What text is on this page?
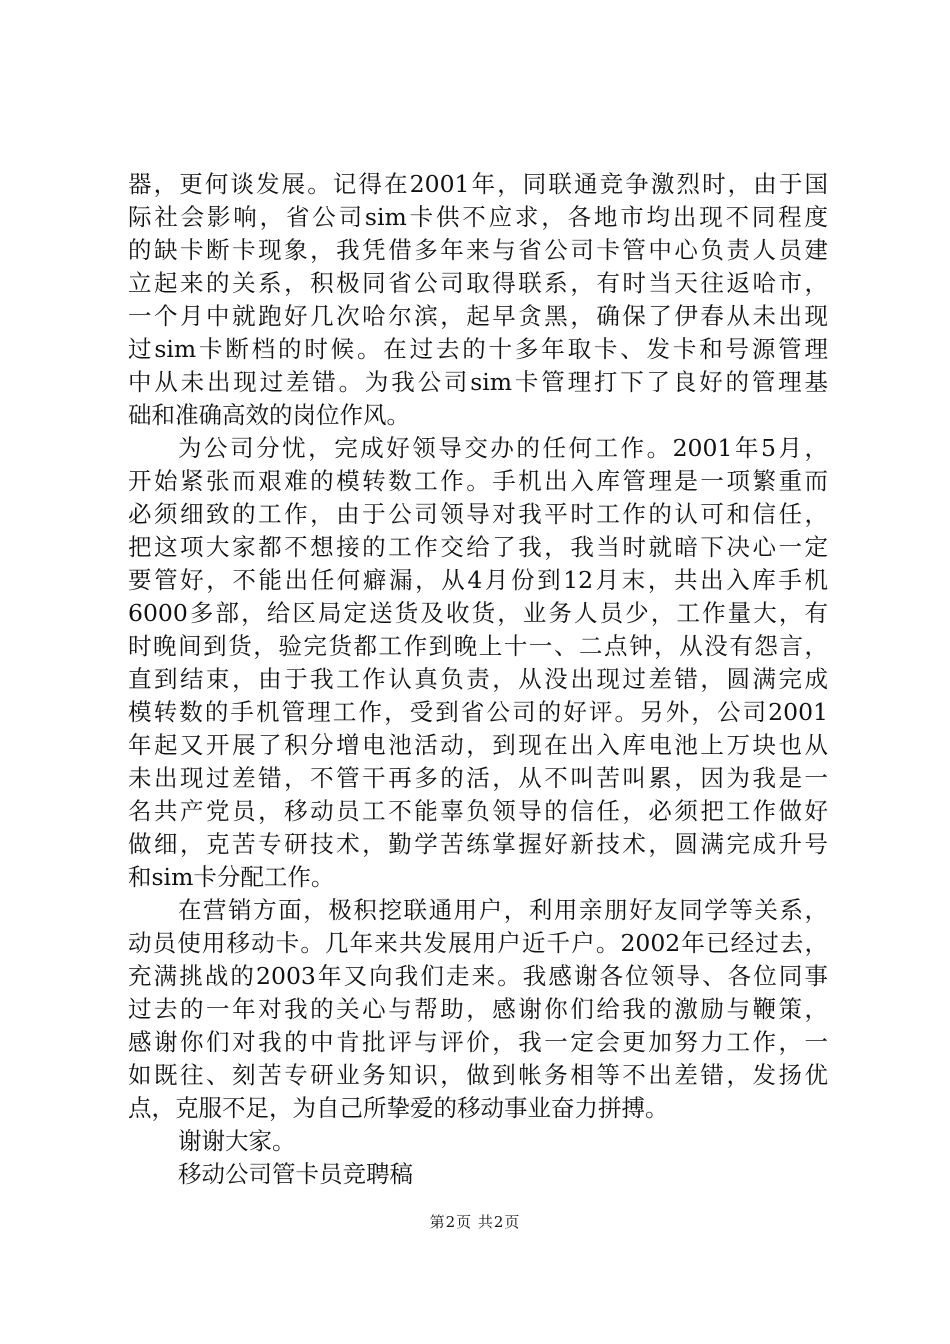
器，更何谈发展。记得在2001年，同联通竞争激烈时，由于国
际社会影响，省公司sim卡供不应求，各地市均出现不同程度
的缺卡断卡现象，我凭借多年来与省公司卡管中心负责人员建
立起来的关系，积极同省公司取得联系，有时当天往返哈市，
一个月中就跑好几次哈尔滨，起早贪黑，确保了伊春从未出现
过sim卡断档的时候。在过去的十多年取卡、发卡和号源管理
中从未出现过差错。为我公司sim卡管理打下了良好的管理基
础和准确高效的岗位作风。
为公司分忧，完成好领导交办的任何工作。2001年5月，
开始紧张而艰难的模转数工作。手机出入库管理是一项繁重而
必须细致的工作，由于公司领导对我平时工作的认可和信任，
把这项大家都不想接的工作交给了我，我当时就暗下决心一定
要管好，不能出任何癖漏，从4月份到12月末，共出入库手机
6000多部，给区局定送货及收货，业务人员少，工作量大，有
时晚间到货，验完货都工作到晚上十一、二点钟，从没有怨言，
直到结束，由于我工作认真负责，从没出现过差错，圆满完成
模转数的手机管理工作，受到省公司的好评。另外，公司2001
年起又开展了积分增电池活动，到现在出入库电池上万块也从
未出现过差错，不管干再多的活，从不叫苦叫累，因为我是一
名共产党员，移动员工不能辜负领导的信任，必须把工作做好
做细，克苦专研技术，勤学苦练掌握好新技术，圆满完成升号
和sim卡分配工作。
在营销方面，极积挖联通用户，利用亲朋好友同学等关系，
动员使用移动卡。几年来共发展用户近千户。2002年已经过去，
充满挑战的2003年又向我们走来。我感谢各位领导、各位同事
过去的一年对我的关心与帮助，感谢你们给我的激励与鞭策，
感谢你们对我的中肯批评与评价，我一定会更加努力工作，一
如既往、刻苦专研业务知识，做到帐务相等不出差错，发扬优
点，克服不足，为自己所挚爱的移动事业奋力拼搏。
谢谢大家。
移动公司管卡员竞聘稿
第2页 共2页
